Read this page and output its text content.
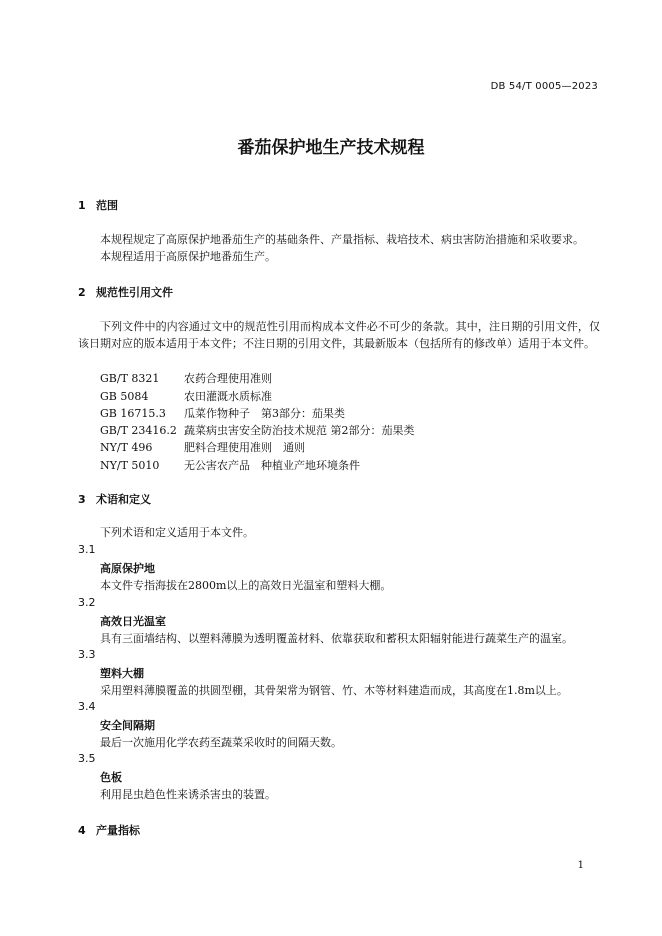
DB 54/T 0005—2023
番茄保护地生产技术规程
1 范围
本规程规定了高原保护地番茄生产的基础条件、产量指标、栽培技术、病虫害防治措施和采收要求。
本规程适用于高原保护地番茄生产。
2 规范性引用文件
下列文件中的内容通过文中的规范性引用而构成本文件必不可少的条款。其中，注日期的引用文件，仅该日期对应的版本适用于本文件；不注日期的引用文件，其最新版本（包括所有的修改单）适用于本文件。
GB/T 8321 农药合理使用准则
GB 5084	农田灌溉水质标准
GB 16715.3 瓜菜作物种子　第3部分：茄果类
GB/T 23416.2 蔬菜病虫害安全防治技术规范 第2部分：茄果类
NY/T 496	肥料合理使用准则　通则
NY/T 5010 无公害农产品　种植业产地环境条件
3 术语和定义
下列术语和定义适用于本文件。
3.1
高原保护地
本文件专指海拔在2800m以上的高效日光温室和塑料大棚。
3.2
高效日光温室
具有三面墙结构、以塑料薄膜为透明覆盖材料、依靠获取和蓄积太阳辐射能进行蔬菜生产的温室。
3.3
塑料大棚
采用塑料薄膜覆盖的拱圆型棚，其骨架常为钢管、竹、木等材料建造而成，其高度在1.8m以上。
3.4
安全间隔期
最后一次施用化学农药至蔬菜采收时的间隔天数。
3.5
色板
利用昆虫趋色性来诱杀害虫的装置。
4 产量指标
1
